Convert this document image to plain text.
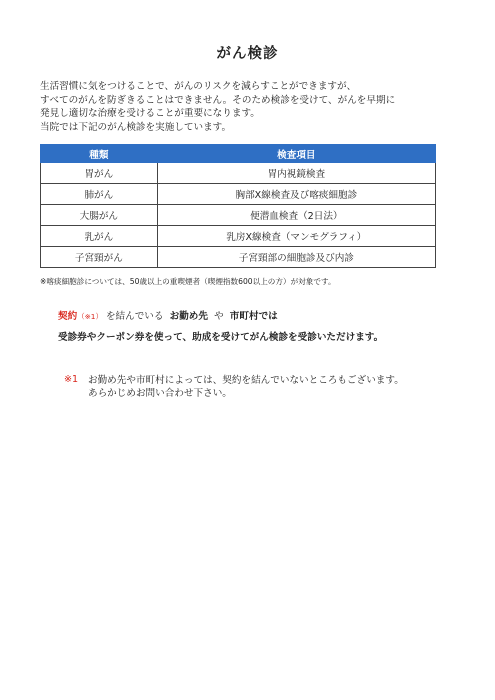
がん検診
生活習慣に気をつけることで、がんのリスクを減らすことができますが、
すべてのがんを防ぎきることはできません。そのため検診を受けて、がんを早期に
発見し適切な治療を受けることが重要になります。
当院では下記のがん検診を実施しています。
種類	検査項目
胃がん	胃内視鏡検査
肺がん	胸部X線検査及び喀痰細胞診
大腸がん	便潜血検査（2日法）
乳がん	乳房X線検査（マンモグラフィ）
子宮頸がん	子宮頸部の細胞診及び内診
※喀痰細胞診については、50歳以上の重喫煙者（喫煙指数600以上の方）が対象です。
契約（※1） を結んでいる お勤め先 や 市町村では
受診券やクーポン券を使って、助成を受けてがん検診を受診いただけます。
※1 お勤め先や市町村によっては、契約を結んでいないところもございます。
あらかじめお問い合わせ下さい。
